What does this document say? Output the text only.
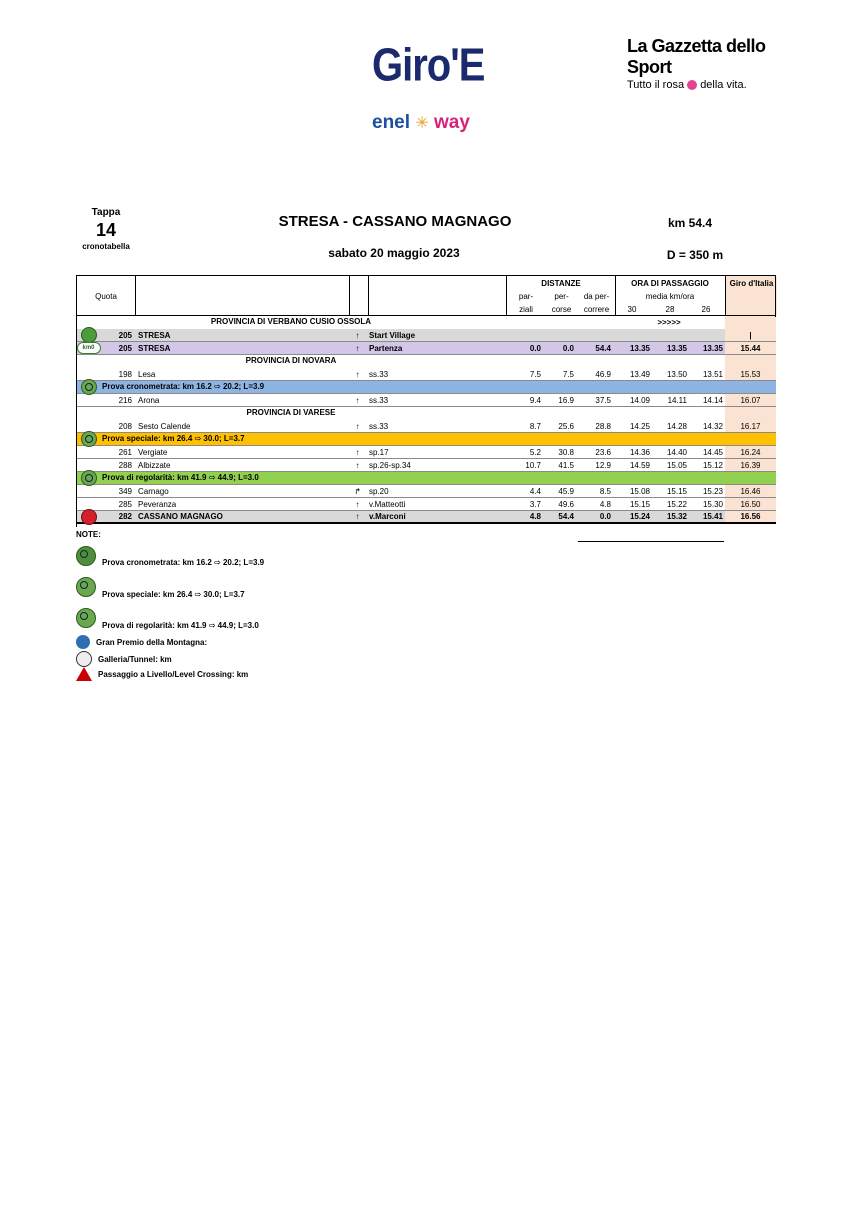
Giro'E
enel ✳ way
La Gazzetta dello Sport
Tutto il rosa della vita.
Tappa
14
cronotabella
STRESA - CASSANO MAGNAGO
sabato 20 maggio 2023
km 54.4
D = 350 m
Quota
DISTANZE
par-
ziali
per-
corse
da per-
correre
ORA DI PASSAGGIO
media km/ora
30	28	26
Giro d'Italia
PROVINCIA DI VERBANO CUSIO OSSOLA	>>>>>
205 STRESA	↑	Start Village	|
km0	205 STRESA	↑	Partenza	0.0	0.0	54.4	13.35	13.35	13.35	15.44
PROVINCIA DI NOVARA
198 Lesa	↑	ss.33	7.5	7.5	46.9	13.49	13.50	13.51	15.53
Prova cronometrata: km 16.2 ⇨ 20.2; L=3.9
216 Arona	↑	ss.33	9.4	16.9	37.5	14.09	14.11	14.14	16.07
PROVINCIA DI VARESE
208 Sesto Calende	↑	ss.33	8.7	25.6	28.8	14.25	14.28	14.32	16.17
Prova speciale: km 26.4 ⇨ 30.0; L=3.7
261 Vergiate	↑	sp.17	5.2	30.8	23.6	14.36	14.40	14.45	16.24
288 Albizzate	↑	sp.26-sp.34	10.7	41.5	12.9	14.59	15.05	15.12	16.39
Prova di regolarità: km 41.9 ⇨ 44.9; L=3.0
349 Carnago	↱	sp.20	4.4	45.9	8.5	15.08	15.15	15.23	16.46
285 Peveranza	↑	v.Matteotti	3.7	49.6	4.8	15.15	15.22	15.30	16.50
282 CASSANO MAGNAGO	↑	v.Marconi	4.8	54.4	0.0	15.24	15.32	15.41	16.56
NOTE:
Prova cronometrata: km 16.2 ⇨ 20.2; L=3.9
Prova speciale: km 26.4 ⇨ 30.0; L=3.7
Prova di regolarità: km 41.9 ⇨ 44.9; L=3.0
Gran Premio della Montagna:
Galleria/Tunnel: km
Passaggio a Livello/Level Crossing: km
